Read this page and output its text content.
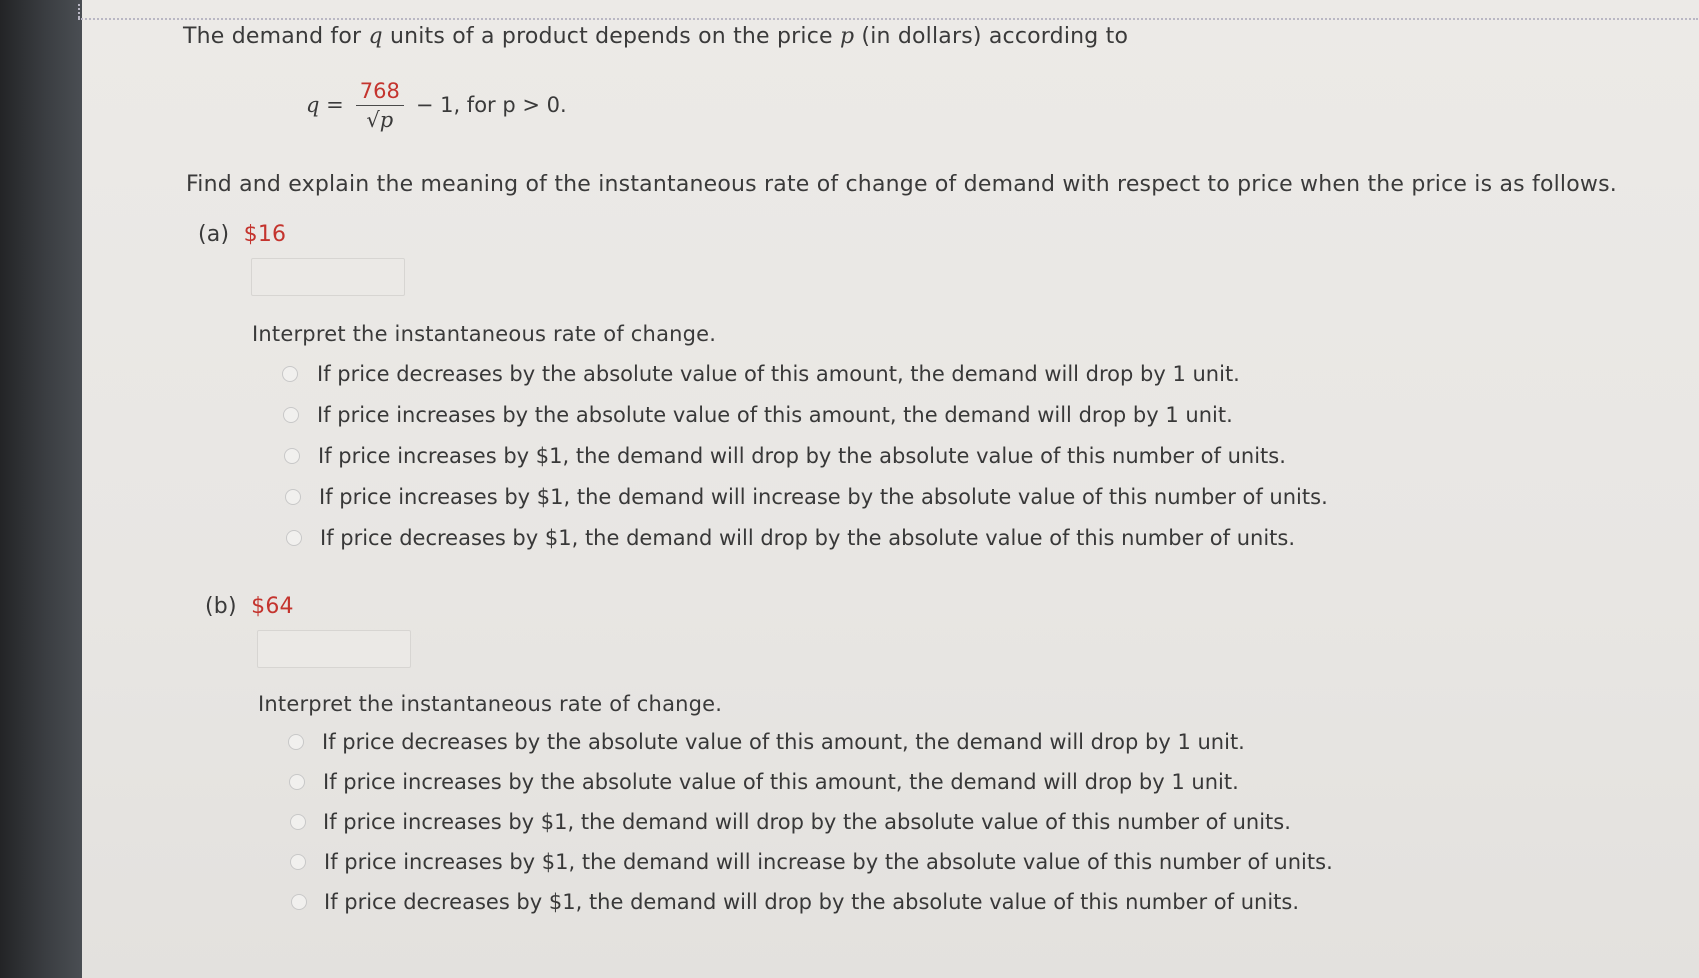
The demand for q units of a product depends on the price p (in dollars) according to
$q = \frac{768}{√p} - 1$, for p > 0.
Find and explain the meaning of the instantaneous rate of change of demand with respect to price when the price is as follows.
(a) $16
Interpret the instantaneous rate of change.
If price decreases by the absolute value of this amount, the demand will drop by 1 unit.
If price increases by the absolute value of this amount, the demand will drop by 1 unit.
If price increases by $1, the demand will drop by the absolute value of this number of units.
If price increases by $1, the demand will increase by the absolute value of this number of units.
If price decreases by $1, the demand will drop by the absolute value of this number of units.
(b) $64
Interpret the instantaneous rate of change.
If price decreases by the absolute value of this amount, the demand will drop by 1 unit.
If price increases by the absolute value of this amount, the demand will drop by 1 unit.
If price increases by $1, the demand will drop by the absolute value of this number of units.
If price increases by $1, the demand will increase by the absolute value of this number of units.
If price decreases by $1, the demand will drop by the absolute value of this number of units.
